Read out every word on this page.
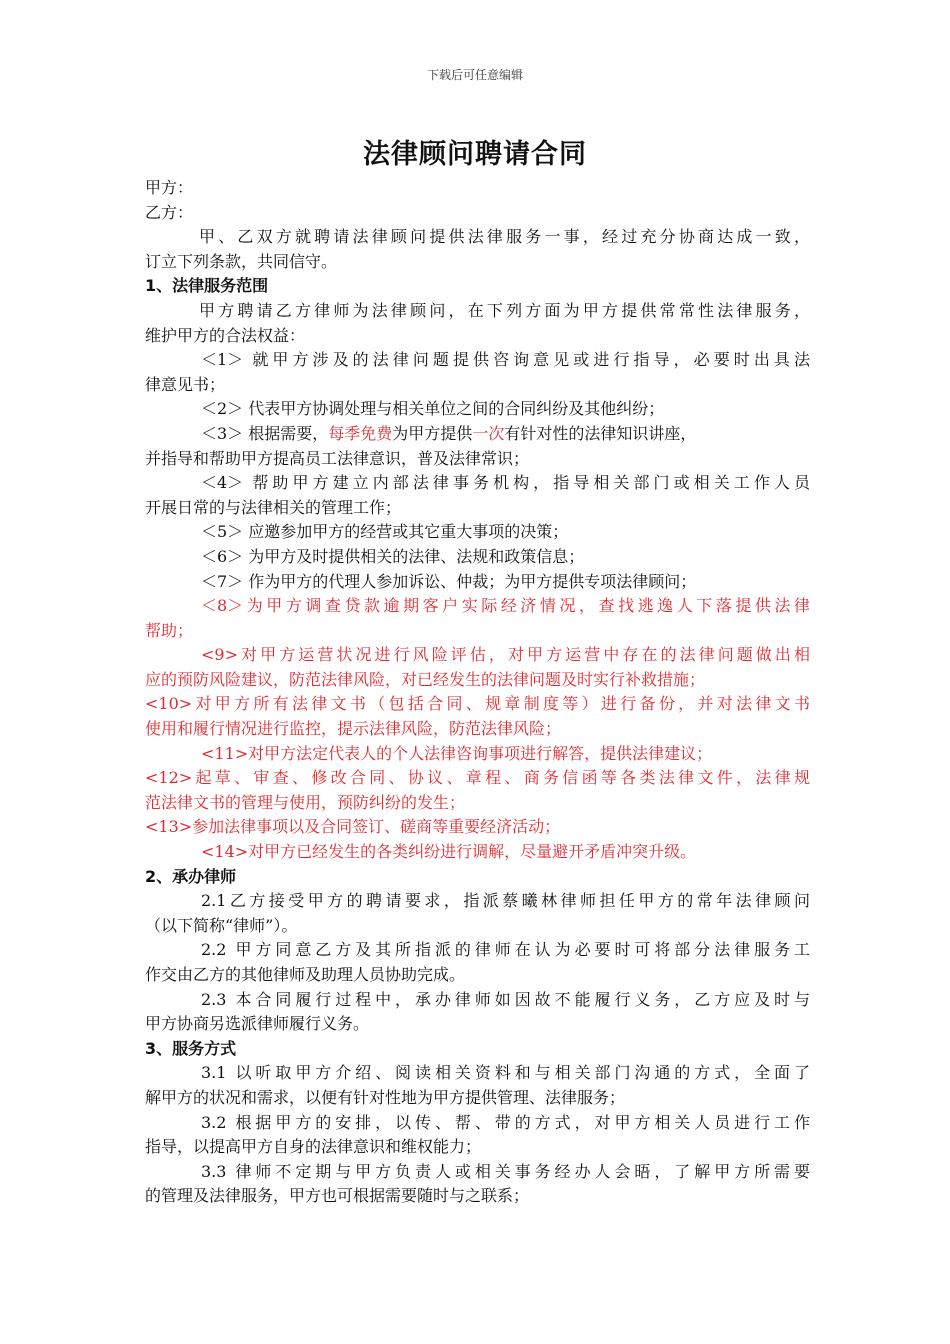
下载后可任意编辑
法律顾问聘请合同
甲方：
乙方：
甲、乙双方就聘请法律顾问提供法律服务一事，经过充分协商达成一致，
订立下列条款，共同信守。
1、法律服务范围
甲方聘请乙方律师为法律顾问，在下列方面为甲方提供常常性法律服务，
维护甲方的合法权益：
＜1＞ 就甲方涉及的法律问题提供咨询意见或进行指导，必要时出具法
律意见书；
＜2＞ 代表甲方协调处理与相关单位之间的合同纠纷及其他纠纷；
＜3＞ 根据需要，每季免费为甲方提供一次有针对性的法律知识讲座，
并指导和帮助甲方提高员工法律意识，普及法律常识；
＜4＞ 帮助甲方建立内部法律事务机构，指导相关部门或相关工作人员
开展日常的与法律相关的管理工作；
＜5＞ 应邀参加甲方的经营或其它重大事项的决策；
＜6＞ 为甲方及时提供相关的法律、法规和政策信息；
＜7＞ 作为甲方的代理人参加诉讼、仲裁；为甲方提供专项法律顾问；
＜8＞为甲方调查贷款逾期客户实际经济情况，查找逃逸人下落提供法律
帮助；
<9>对甲方运营状况进行风险评估，对甲方运营中存在的法律问题做出相
应的预防风险建议，防范法律风险，对已经发生的法律问题及时实行补救措施；
<10>对甲方所有法律文书（包括合同、规章制度等）进行备份，并对法律文书
使用和履行情况进行监控，提示法律风险，防范法律风险；
<11>对甲方法定代表人的个人法律咨询事项进行解答，提供法律建议；
<12>起草、审查、修改合同、协议、章程、商务信函等各类法律文件，法律规
范法律文书的管理与使用，预防纠纷的发生；
<13>参加法律事项以及合同签订、磋商等重要经济活动；
<14>对甲方已经发生的各类纠纷进行调解，尽量避开矛盾冲突升级。
2、承办律师
2.1乙方接受甲方的聘请要求，指派蔡曦林律师担任甲方的常年法律顾问
（以下简称“律师”）。
2.2 甲方同意乙方及其所指派的律师在认为必要时可将部分法律服务工
作交由乙方的其他律师及助理人员协助完成。
2.3 本合同履行过程中，承办律师如因故不能履行义务，乙方应及时与
甲方协商另选派律师履行义务。
3、服务方式
3.1 以听取甲方介绍、阅读相关资料和与相关部门沟通的方式，全面了
解甲方的状况和需求，以便有针对性地为甲方提供管理、法律服务；
3.2 根据甲方的安排，以传、帮、带的方式，对甲方相关人员进行工作
指导，以提高甲方自身的法律意识和维权能力；
3.3 律师不定期与甲方负责人或相关事务经办人会晤，了解甲方所需要
的管理及法律服务，甲方也可根据需要随时与之联系；
